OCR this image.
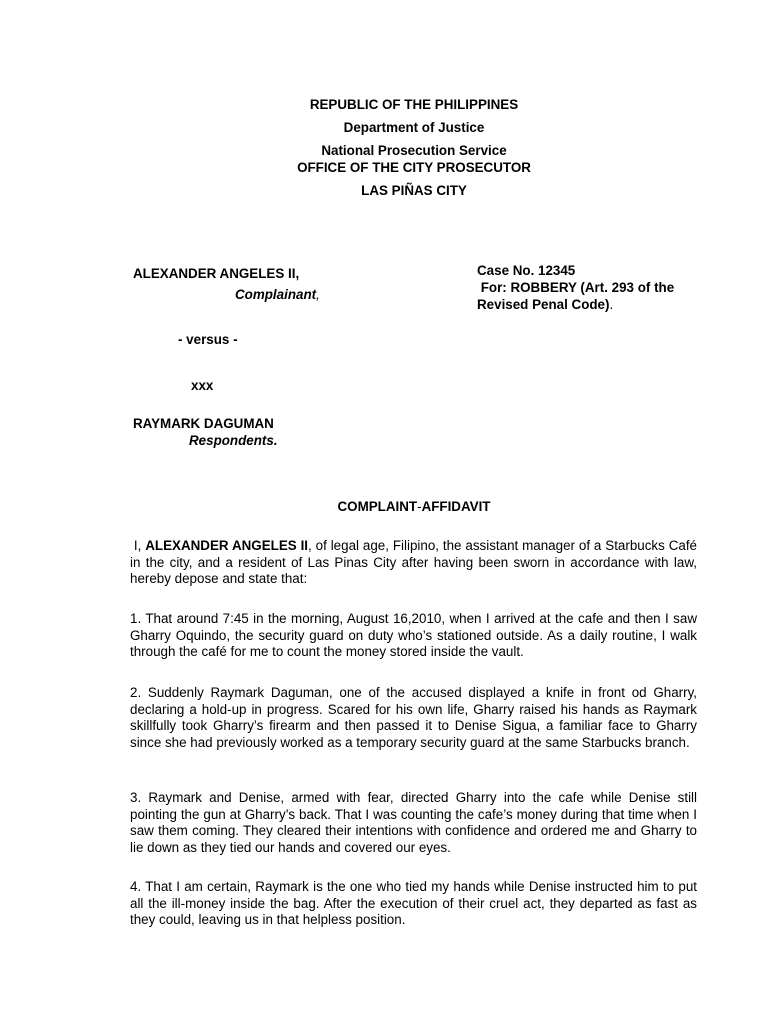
REPUBLIC OF THE PHILIPPINES
Department of Justice
National Prosecution Service
OFFICE OF THE CITY PROSECUTOR
LAS PIÑAS CITY
ALEXANDER ANGELES II,
Complainant,
- versus -
xxx
RAYMARK DAGUMAN
Respondents.
Case No. 12345
For: ROBBERY (Art. 293 of the
Revised Penal Code).
COMPLAINT-AFFIDAVIT
I, ALEXANDER ANGELES II, of legal age, Filipino, the assistant manager of a Starbucks Café in the city, and a resident of Las Pinas City after having been sworn in accordance with law, hereby depose and state that:
1. That around 7:45 in the morning, August 16,2010, when I arrived at the cafe and then I saw Gharry Oquindo, the security guard on duty who’s stationed outside. As a daily routine, I walk through the café for me to count the money stored inside the vault.
2. Suddenly Raymark Daguman, one of the accused displayed a knife in front od Gharry, declaring a hold-up in progress. Scared for his own life, Gharry raised his hands as Raymark skillfully took Gharry’s firearm and then passed it to Denise Sigua, a familiar face to Gharry since she had previously worked as a temporary security guard at the same Starbucks branch.
3. Raymark and Denise, armed with fear, directed Gharry into the cafe while Denise still pointing the gun at Gharry’s back. That I was counting the cafe’s money during that time when I saw them coming. They cleared their intentions with confidence and ordered me and Gharry to lie down as they tied our hands and covered our eyes.
4. That I am certain, Raymark is the one who tied my hands while Denise instructed him to put all the ill-money inside the bag. After the execution of their cruel act, they departed as fast as they could, leaving us in that helpless position.
